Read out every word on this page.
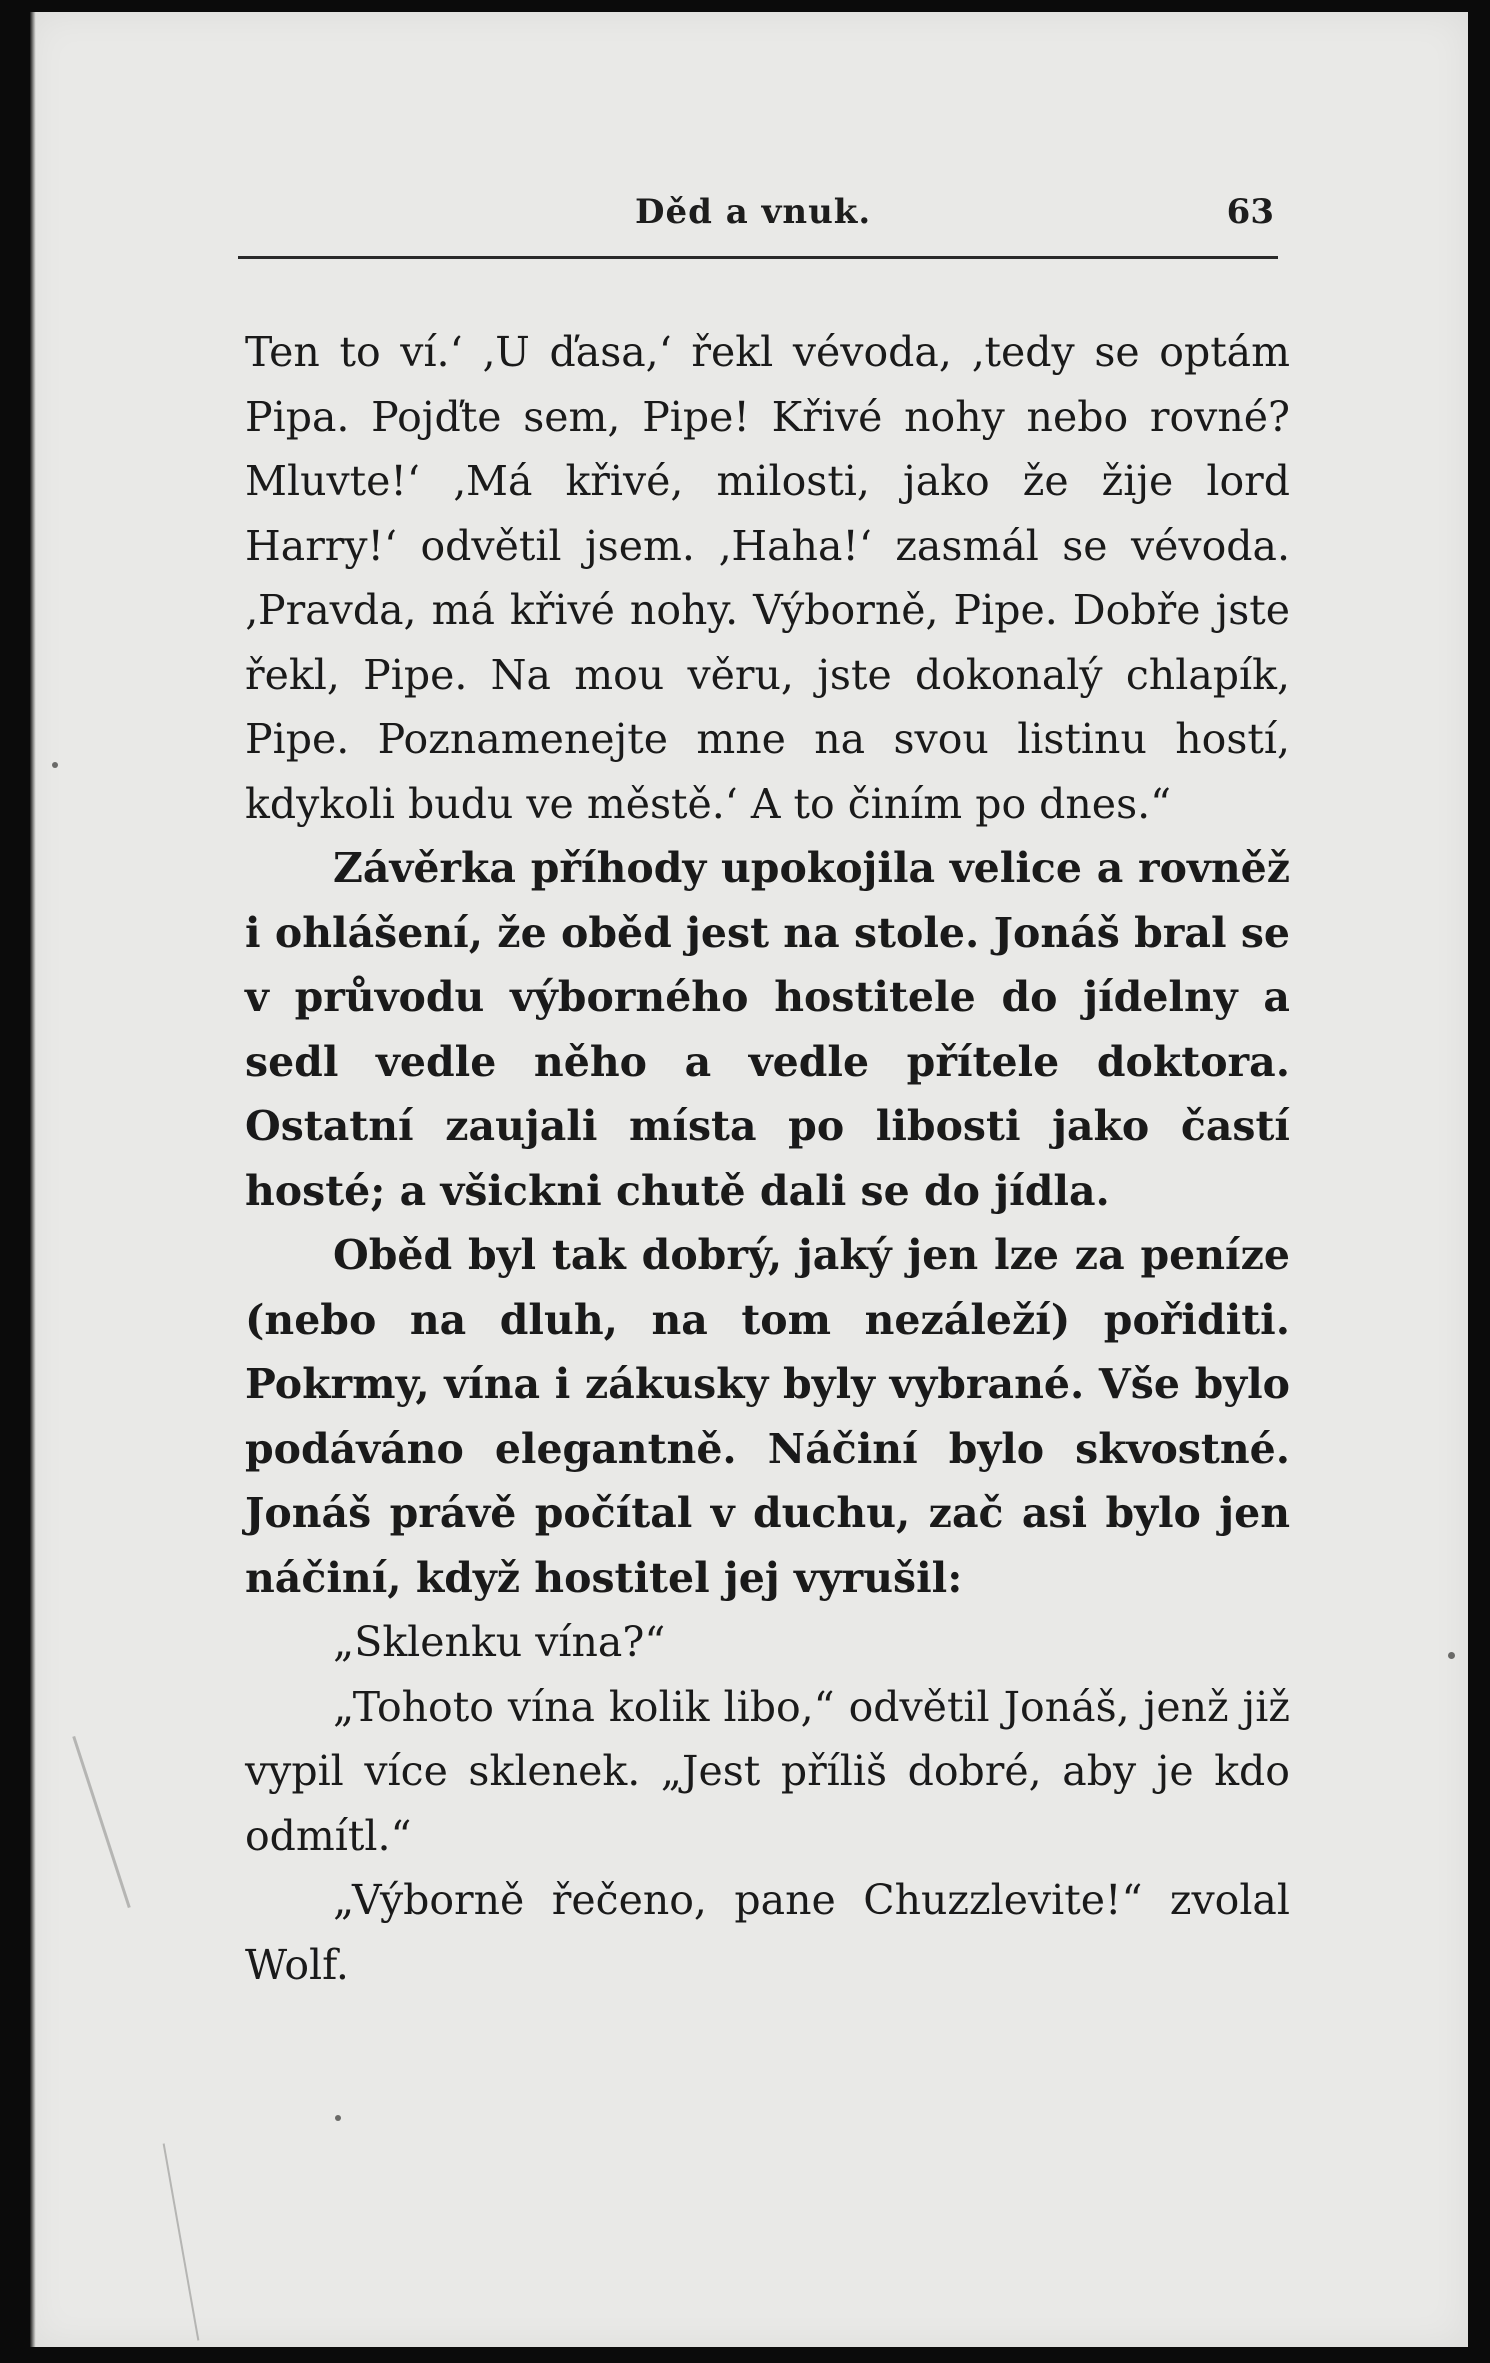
Děd a vnuk.	63

Ten to ví.‘ ‚U ďasa,‘ řekl vévoda, ‚tedy se optám Pipa. Pojďte sem, Pipe! Křivé nohy nebo rovné? Mluvte!‘ ‚Má křivé, milosti, jako že žije lord Harry!‘ odvětil jsem. ‚Haha!‘ zasmál se vévoda. ‚Pravda, má křivé nohy. Výborně, Pipe. Dobře jste řekl, Pipe. Na mou věru, jste dokonalý chlapík, Pipe. Poznamenejte mne na svou listinu hostí, kdykoli budu ve městě.‘ A to činím po dnes.“

Závěrka příhody upokojila velice a rovněž i ohlášení, že oběd jest na stole. Jonáš bral se v průvodu výborného hostitele do jídelny a sedl vedle něho a vedle přítele doktora. Ostatní zaujali místa po libosti jako častí hosté; a všickni chutě dali se do jídla.

Oběd byl tak dobrý, jaký jen lze za peníze (nebo na dluh, na tom nezáleží) pořiditi. Pokrmy, vína i zákusky byly vybrané. Vše bylo podáváno elegantně. Náčiní bylo skvostné. Jonáš právě počítal v duchu, zač asi bylo jen náčiní, když hostitel jej vyrušil:

„Sklenku vína?“

„Tohoto vína kolik libo,“ odvětil Jonáš, jenž již vypil více sklenek. „Jest příliš dobré, aby je kdo odmítl.“

„Výborně řečeno, pane Chuzzlevite!“ zvolal Wolf.
